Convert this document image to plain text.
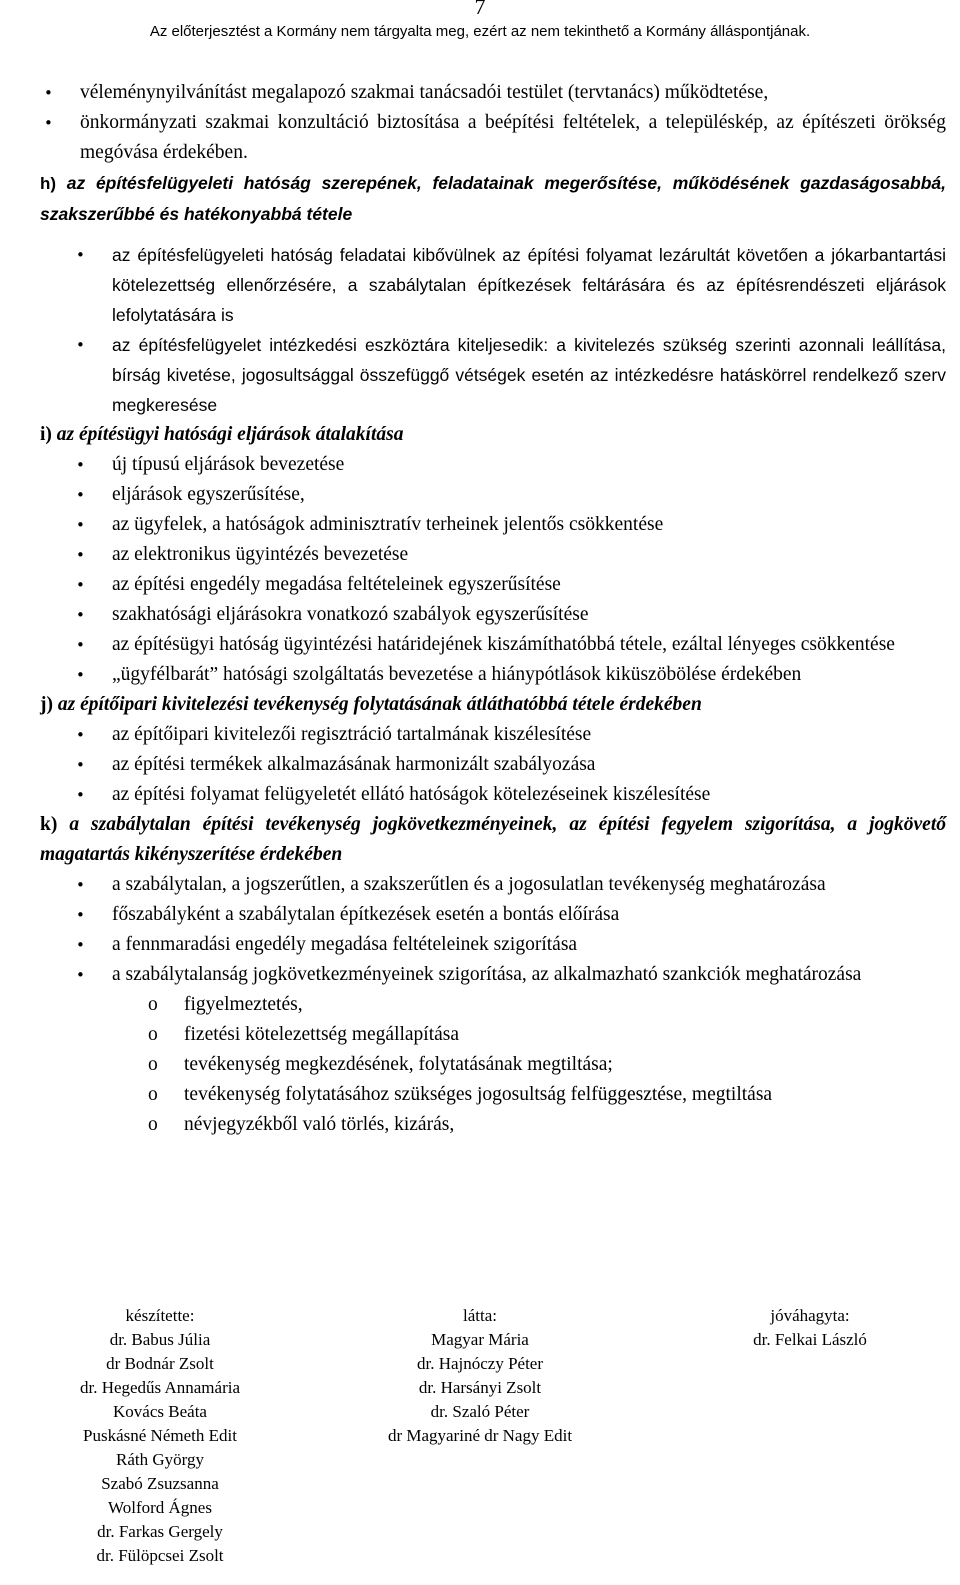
7
Az előterjesztést a Kormány nem tárgyalta meg, ezért az nem tekinthető a Kormány álláspontjának.
• véleménynyilvánítást megalapozó szakmai tanácsadói testület (tervtanács) működtetése,
• önkormányzati szakmai konzultáció biztosítása a beépítési feltételek, a településkép, az építészeti örökség megóvása érdekében.
h) az építésfelügyeleti hatóság szerepének, feladatainak megerősítése, működésének gazdaságosabbá, szakszerűbbé és hatékonyabbá tétele
• az építésfelügyeleti hatóság feladatai kibővülnek az építési folyamat lezárultát követően a jókarbantartási kötelezettség ellenőrzésére, a szabálytalan építkezések feltárására és az építésrendészeti eljárások lefolytatására is
• az építésfelügyelet intézkedési eszköztára kiteljesedik: a kivitelezés szükség szerinti azonnali leállítása, bírság kivetése, jogosultsággal összefüggő vétségek esetén az intézkedésre hatáskörrel rendelkező szerv megkeresése
i) az építésügyi hatósági eljárások átalakítása
• új típusú eljárások bevezetése
• eljárások egyszerűsítése,
• az ügyfelek, a hatóságok adminisztratív terheinek jelentős csökkentése
• az elektronikus ügyintézés bevezetése
• az építési engedély megadása feltételeinek egyszerűsítése
• szakhatósági eljárásokra vonatkozó szabályok egyszerűsítése
• az építésügyi hatóság ügyintézési határidejének kiszámíthatóbbá tétele, ezáltal lényeges csökkentése
• „ügyfélbarát” hatósági szolgáltatás bevezetése a hiánypótlások kiküszöbölése érdekében
j) az építőipari kivitelezési tevékenység folytatásának átláthatóbbá tétele érdekében
• az építőipari kivitelezői regisztráció tartalmának kiszélesítése
• az építési termékek alkalmazásának harmonizált szabályozása
• az építési folyamat felügyeletét ellátó hatóságok kötelezéseinek kiszélesítése
k) a szabálytalan építési tevékenység jogkövetkezményeinek, az építési fegyelem szigorítása, a jogkövető magatartás kikényszerítése érdekében
• a szabálytalan, a jogszerűtlen, a szakszerűtlen és a jogosulatlan tevékenység meghatározása
• főszabályként a szabálytalan építkezések esetén a bontás előírása
• a fennmaradási engedély megadása feltételeinek szigorítása
• a szabálytalanság jogkövetkezményeinek szigorítása, az alkalmazható szankciók meghatározása
o figyelmeztetés,
o fizetési kötelezettség megállapítása
o tevékenység megkezdésének, folytatásának megtiltása;
o tevékenység folytatásához szükséges jogosultság felfüggesztése, megtiltása
o névjegyzékből való törlés, kizárás,
készítette:
dr. Babus Júlia
dr Bodnár Zsolt
dr. Hegedűs Annamária
Kovács Beáta
Puskásné Németh Edit
Ráth György
Szabó Zsuzsanna
Wolford Ágnes
dr. Farkas Gergely
dr. Fülöpcsei Zsolt
látta:
Magyar Mária
dr. Hajnóczy Péter
dr. Harsányi Zsolt
dr. Szaló Péter
dr Magyariné dr Nagy Edit
jóváhagyta:
dr. Felkai László
